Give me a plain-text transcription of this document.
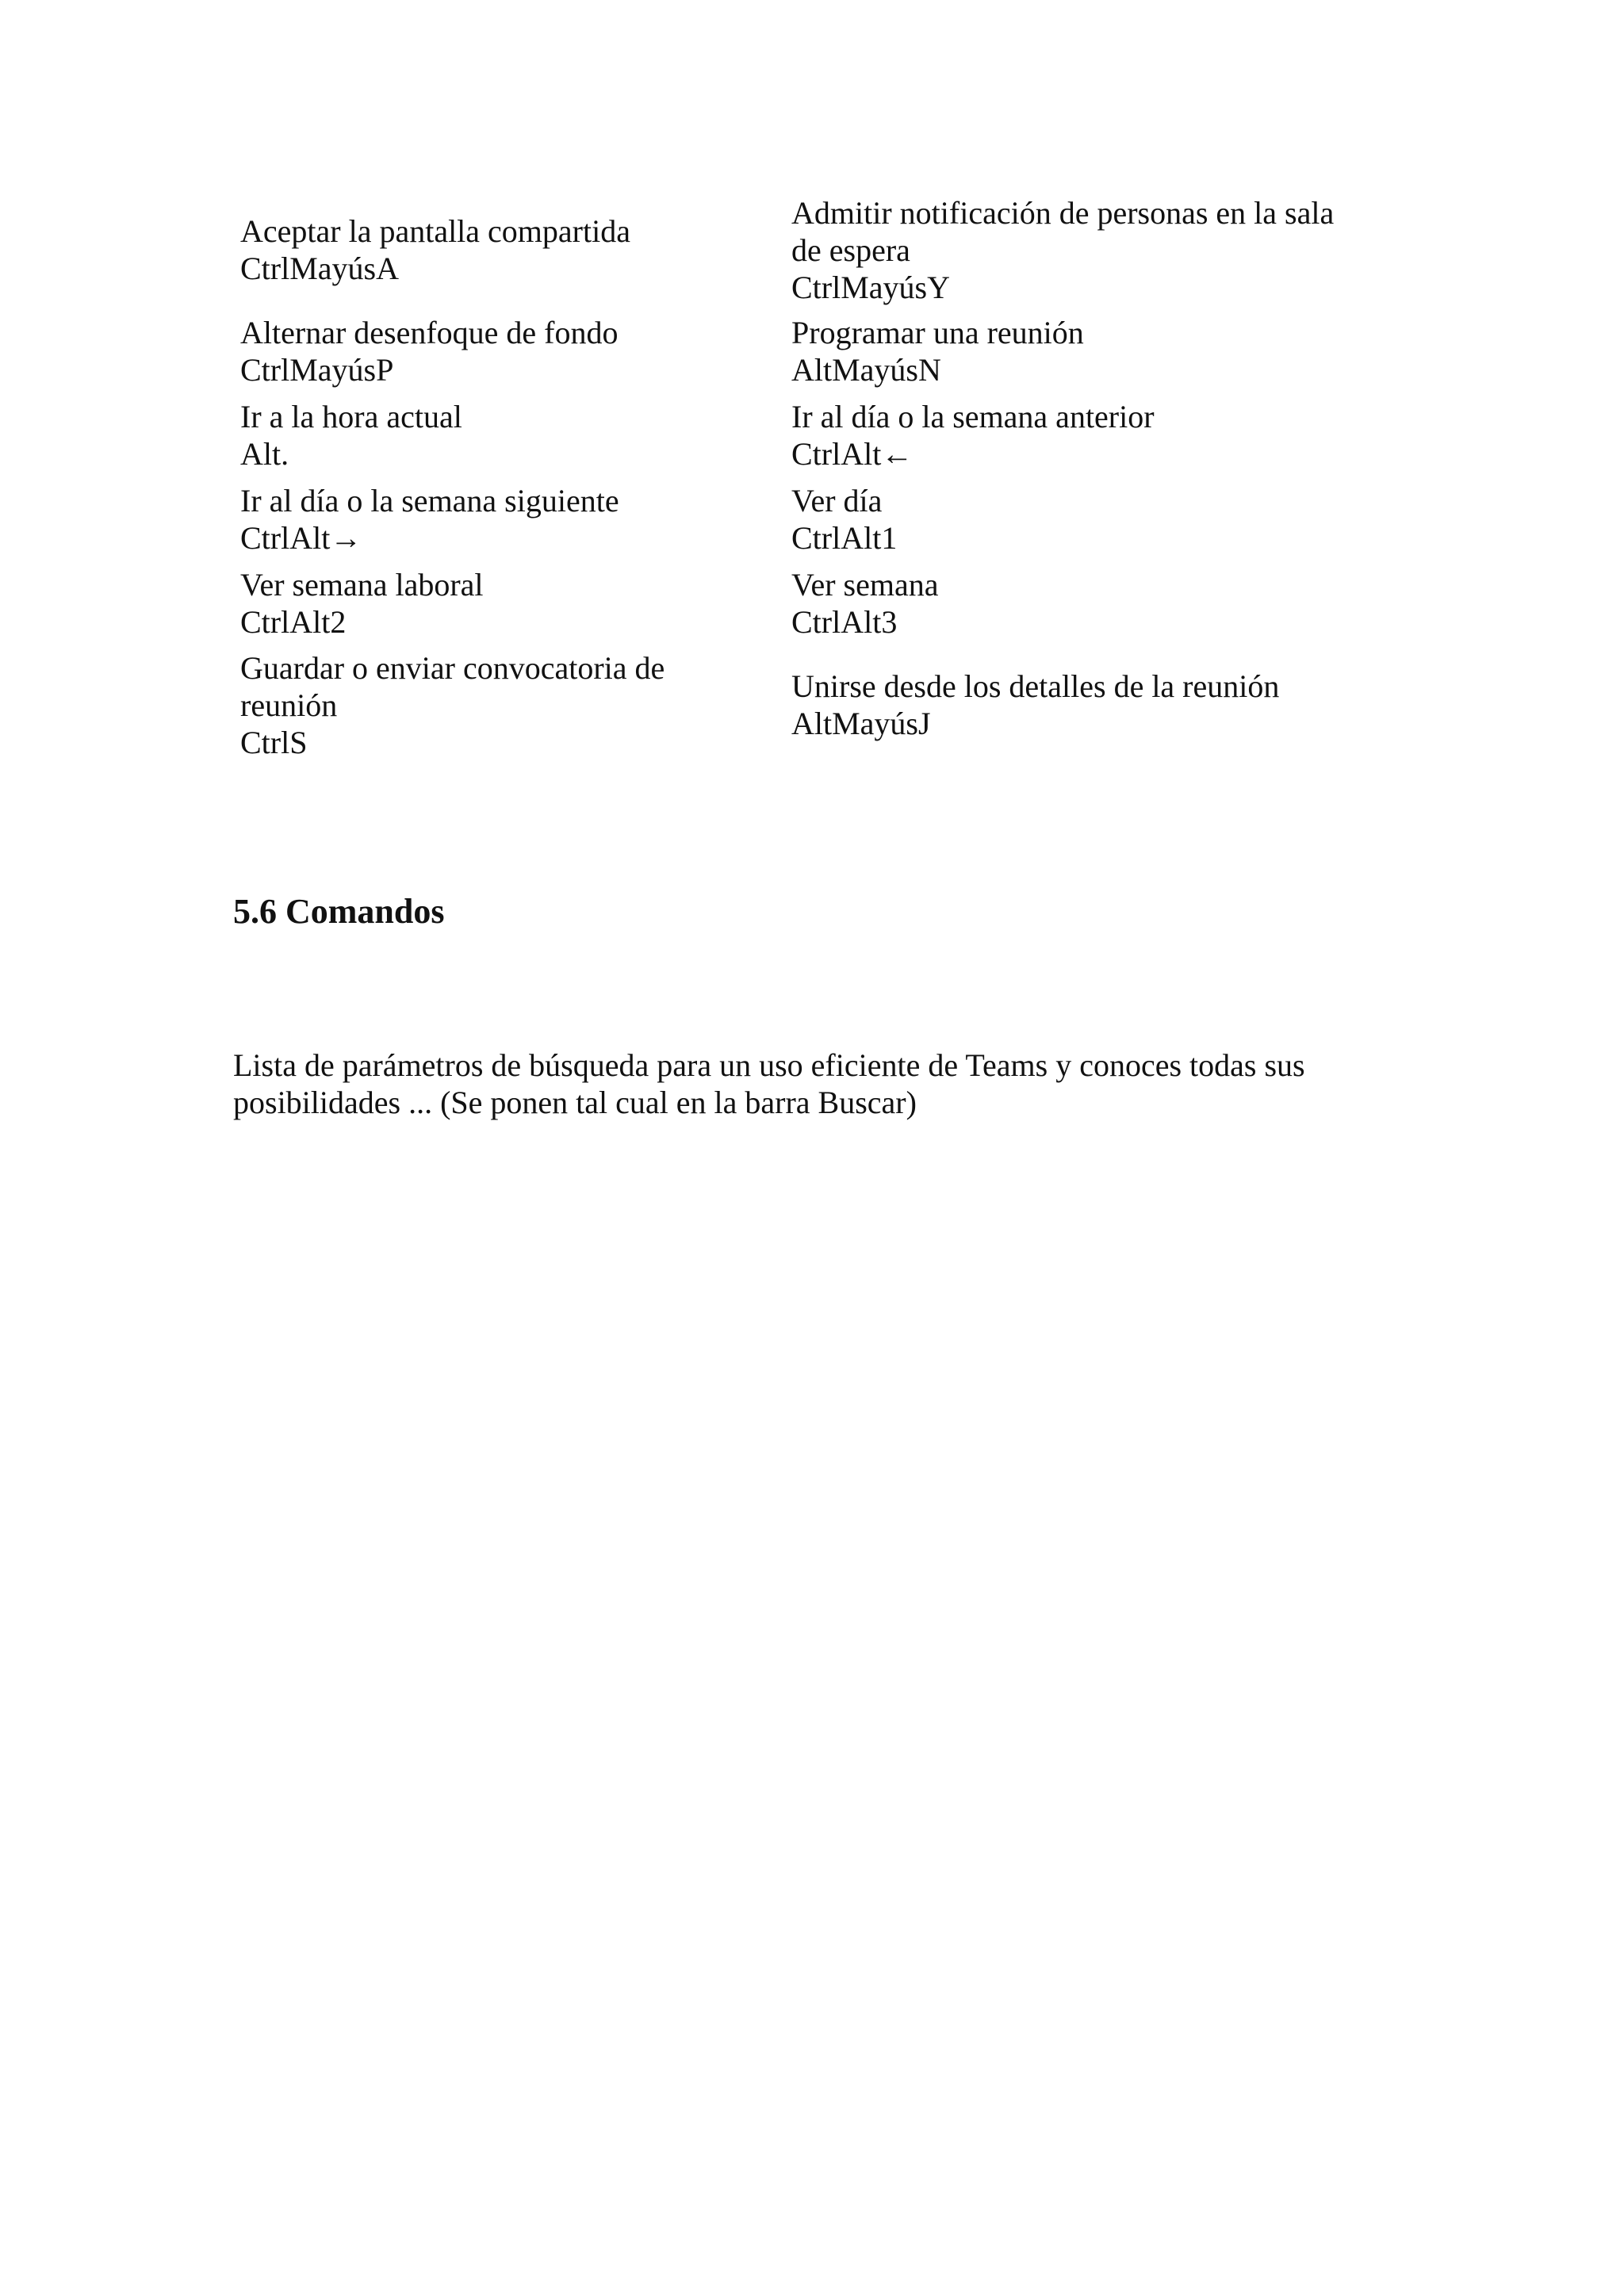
Aceptar la pantalla compartida
CtrlMayúsA
Admitir notificación de personas en la sala
de espera
CtrlMayúsY
Alternar desenfoque de fondo
CtrlMayúsP
Programar una reunión
AltMayúsN
Ir a la hora actual
Alt.
Ir al día o la semana anterior
CtrlAlt←
Ir al día o la semana siguiente
CtrlAlt→
Ver día
CtrlAlt1
Ver semana laboral
CtrlAlt2
Ver semana
CtrlAlt3
Guardar o enviar convocatoria de
reunión
CtrlS
Unirse desde los detalles de la reunión
AltMayúsJ
5.6 Comandos

Lista de parámetros de búsqueda para un uso eficiente de Teams y conoces todas sus
posibilidades ... (Se ponen tal cual en la barra Buscar)
